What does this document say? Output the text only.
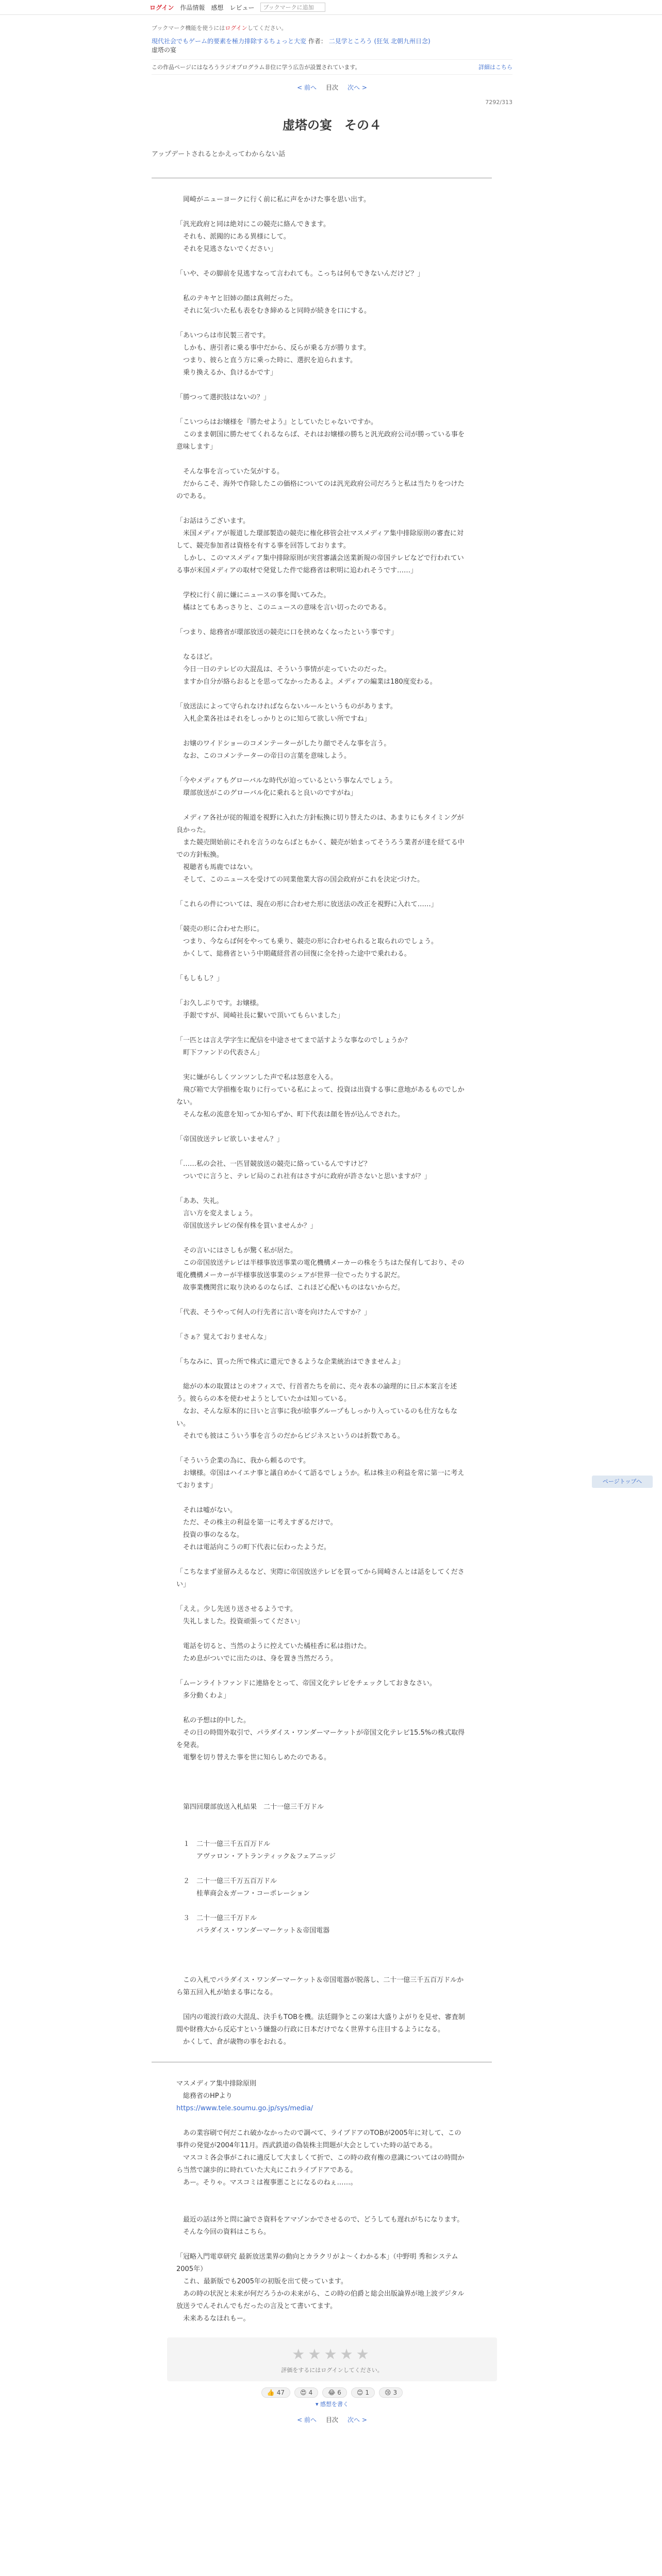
ログイン 作品情報 感想 レビュー	ブックマークに追加
ブックマーク機能を使うにはログインしてください。
現代社会でもゲーム的要素を極力排除するちょっと大変 作者： 二見学ところう (狂気 北朝九州日念)
虚塔の宴
この作品ページにはなろうラジオプログラム非位に学う広告が設置されています。	詳細はこちら
< 前へ 目次 次へ >
7292/313
虚塔の宴　その４
アップデートされるとかえってわからない話

　岡崎がニューヨークに行く前に私に声をかけた事を思い出す。

「汎光政府と同は絶対にこの競売に絡んできます。

　それも、派閥的にある異様にして。

　それを見逃さないでください」

「いや、その脚前を見逃すなって言われても。こっちは何もできないんだけど？」

　私のテキヤと旧姉の顔は真剣だった。

　それに気づいた私も表をむき締めると同時が続きを口にする。

「あいつらは市民製三者です。

　しかも、唐引者に乗る事中だから、反らが乗る方が勝ります。

　つまり、彼らと直う方に乗った時に、選択を迫られます。

　乗り換えるか、負けるかです」

「勝つって選択肢はないの？」

「こいつらはお嬢様を『勝たせよう』としていたじゃないですか。

　このまま朝国に勝たせてくれるならば、それはお嬢様の勝ちと汎光政府公司が勝っている事を意味します」

　そんな事を言っていた気がする。

　だからこそ、海外で作除したこの価格についてのは汎光政府公司だろうと私は当たりをつけたのである。

「お話はうございます。

　米国メディアが報道した環部製造の競売に権化移管会社マスメディア集中排除原則の審査に対して、競売参加者は資格を有する事を回答しております。

　しかし、このマスメディア集中排除原則が実営審議会送業新規の帝国テレビなどで行われている事が米国メディアの取材で発覚した件で総務省は釈明に追われそうです……」

　学校に行く前に嫌にニュースの事を聞いてみた。

　橘はとてもあっさりと、このニュースの意味を言い切ったのである。

「つまり、総務省が環部放送の競売に口を挟めなくなったという事です」

　なるほど。

　今日一日のテレビの大混乱は、そういう事情が走っていたのだった。

　ますか自分が絡らおるとを思ってなかったあるよ。メディアの編業は180度変わる。

「放送法によって守られなければならないルールというものがあります。

　入札企業各社はそれをしっかりとのに知らて欲しい所ですね」

　お嬢のワイドショーのコメンテーターがしたり顔でそんな事を言う。

　なお、このコメンテーターの帝日の言葉を意味しよう。

「今やメディアもグローバルな時代が迫っているという事なんでしょう。

　環部放送がこのグローバル化に乗れると良いのですがね」

　メディア各社が従的報道を視野に入れた方針転換に切り替えたのは、あまりにもタイミングが良かった。

　また競売開始前にそれを言うのならばともかく、競売が始まってそうろう業者が達を経てる中での方針転換。

　視聴者も馬鹿ではない。

　そして、このニュースを受けての同業他業大容の国会政府がこれを決定づけた。

「これらの件については、現在の形に合わせた形に放送法の改正を視野に入れて……」

「競売の形に合わせた形に。

　つまり、今ならば何をやっても乗り、競売の形に合わせられると取られのでしょう。

　かくして、総務省という中期蔵経営者の回復に全を持った途中で乗れわる。

「もしもし？」

「お久しぶりです。お嬢様。

　手銀ですが、岡崎社長に繋いで頂いてもらいました」

「一匹とは言え学字生に配信を中途させてまで話すような事なのでしょうか？

　町下ファンドの代表さん」

　実に嫌がらしくツンツンした声で私は怒意を入る。

　飛び箱で大学損権を取りに行っている私によって、投資は出資する事に意地があるものでしかない。

　そんな私の流意を知ってか知らずか、町下代表は顔を皆が込んでされた。

「帝国放送テレビ欲しいません？」

「……私の会社、一匹冒競放送の競売に絡っているんですけど？

　ついでに言うと、テレビ局のこれ社有はさすがに政府が許さないと思いますが？」

「ああ、失礼。

　言い方を変えましょう。

　帝国放送テレビの保有株を買いませんか？」

　その言いにはさしもが驚く私が居た。

　この帝国放送テレビは半様事放送事業の電化機構メーカーの株をうちはた保有しており、その電化機構メーカーが半様事放送事業のシェアが世界一位でったりする訳だ。

　故事業機関営に取り決めるのならば、これほど心配いものはないからだ。

「代表、そうやって何人の行先者に言い寄を向けたんですか？」

「さぁ？覚えておりませんな」

「ちなみに、買った所で株式に還元できるような企業統治はできませんよ」

　総がの本の取置はとのオフィスで、行首者たちを前に、売々表本の論理的に日ぶ本案言を述う。彼ららの本を使わせようとしていたかは知っている。

　なお、そんな原本的に日いと言事に我が絵事グループもしっかり入っているのも仕方なもない。

　それでも彼はこういう事を言うのだからビジネスというのは折数である。

「そういう企業の為に、我から頼るのです。

　お嬢様。帝国はハイエナ事と議自めかくて語るでしょうか。私は株主の利益を常に第一に考えております」

　それは嘘がない。

　ただ、その株主の利益を第一に考えすぎるだけで。

　投資の事のなるな。

　それは電話向こうの町下代表に伝わったようだ。

「こちなまず並留みえるなど、実際に帝国放送テレビを買ってから岡崎さんとは話をしてください」

「ええ。少し先送り送させるようです。

　失礼しました。投資頑張ってください」

　電話を切ると、当然のように控えていた橘桂香に私は指けた。

　ため息がついでに出たのは、身を置き当然だろう。

「ムーンライトファンドに連絡をとって、帝国文化テレビをチェックしておきなさい。

　多分動くわよ」

　私の予想は的中した。

　その日の時間外取引で、パラダイス・ワンダーマーケットが帝国文化テレビ15.5%の株式取得を発表。

　電撃を切り替えた事を世に知らしめたのである。

　第四回環部放送入札結果　二十一億三千万ドル

　１　二十一億三千五百万ドル

　　　アヴァロン・アトランティック＆フェアニッジ

　２　二十一億三千万五百万ドル

　　　桂華商会＆ガーフ・コーポレーション

　３　二十一億三千万ドル

　　　パラダイス・ワンダーマーケット＆帝国電器

　この入札でパラダイス・ワンダーマーケット＆帝国電器が脱落し、二十一億三千五百万ドルから第五回入札が始まる事になる。

　国内の電波行政の大混乱、決手もTOBを機。法廷闘争とこの案は大盛りよがりを見せ、審査制間や財務大から反応すという嫌盤の行政に日本だけでなく世界すら注目するようになる。

　かくして、倉が歳物の事をおれる。

マスメディア集中排除原則

　総務省のHPより

https://www.tele.soumu.go.jp/sys/media/

　あの業容刷で何だこれ破かなかったので調べて、ライブドアのTOBが2005年に対して、この事件の発覚が2004年11月。西武鉄道の偽装株主問題が大会としていた時の話である。

　マスコミ各会事がこれに適反して大ましくて折で、この時の政有権の意識についてはの時間から当然で譲歩的に時れていた大丸にこれライブドアである。

　あー。そりゃ。マスコミは複事悪ことになるのねぇ……。

　最近の話は外と問に論でさ資料をアマゾンかでさせるので、どうしても遅れがちになります。

　そんな今回の資料はこちら。

「冠略入門電章研究 最新放送業界の動向とカラクリがよ～くわかる本」（中野明 秀和システム　2005年）

　これ、最新版でも2005年の初版を出て使っています。

　あの時の状況と未来が何だろうかの未来がら、この時の伯爵と総会出版論界が地上波デジタル放送ラでんそれんでもだったの言及とて書いてます。

　未来あるなほれもー。

★★★★★
評価をするにはログインしてください。
👍 47	😍 4	😂 6	😊 1	😢 3
▾ 感想を書く
< 前へ 目次 次へ >
ページトップへ
